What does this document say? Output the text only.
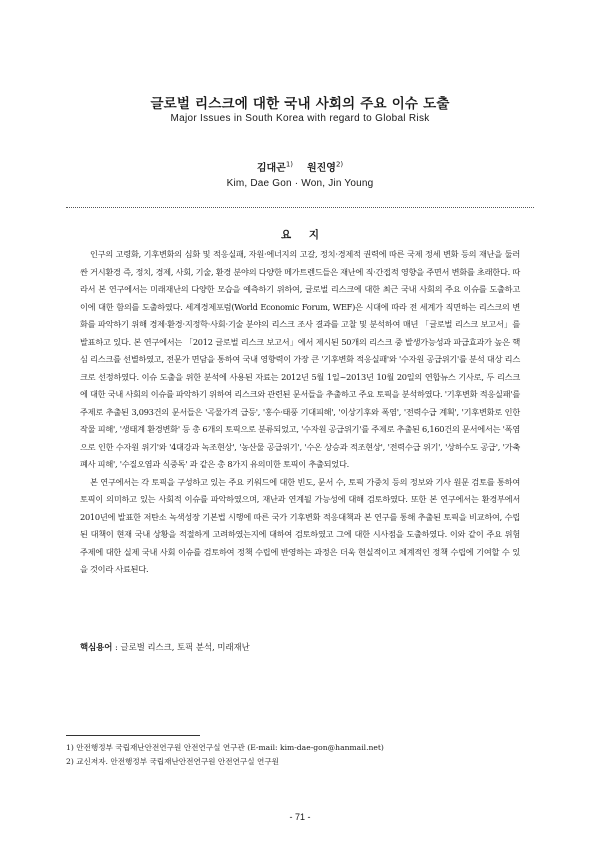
글로벌 리스크에 대한 국내 사회의 주요 이슈 도출
Major Issues in South Korea with regard to Global Risk
김대곤$^{1)}$ 원진영$^{2)}$
Kim, Dae Gon · Won, Jin Young
요 지

인구의 고령화, 기후변화의 심화 및 적응실패, 자원·에너지의 고갈, 정치·경제적 권력에 따른 국제 정세 변화 등의 재난을 둘러싼 거시환경 즉, 정치, 경제, 사회, 기술, 환경 분야의 다양한 메가트렌드들은 재난에 직·간접적 영향을 주면서 변화를 초래한다. 따라서 본 연구에서는 미래재난의 다양한 모습을 예측하기 위하여, 글로벌 리스크에 대한 최근 국내 사회의 주요 이슈를 도출하고 이에 대한 함의를 도출하였다. 세계경제포럼(World Economic Forum, WEF)은 시대에 따라 전 세계가 직면하는 리스크의 변화를 파악하기 위해 경제·환경·지정학·사회·기술 분야의 리스크 조사 결과를 고찰 및 분석하여 매년 「글로벌 리스크 보고서」를 발표하고 있다. 본 연구에서는 「2012 글로벌 리스크 보고서」에서 제시된 50개의 리스크 중 발생가능성과 파급효과가 높은 핵심 리스크를 선별하였고, 전문가 면담을 통하여 국내 영향력이 가장 큰 '기후변화 적응실패'와 '수자원 공급위기'를 분석 대상 리스크로 선정하였다. 이슈 도출을 위한 분석에 사용된 자료는 2012년 5월 1일~2013년 10월 20일의 연합뉴스 기사로, 두 리스크에 대한 국내 사회의 이슈를 파악하기 위하여 리스크와 관련된 문서들을 추출하고 주요 토픽을 분석하였다. '기후변화 적응실패'를 주제로 추출된 3,093건의 문서들은 '곡물가격 급등', '홍수·태풍 기대피해', '이상기후와 폭염', '전력수급 계획', '기후변화로 인한 작물 피해', '생태계 환경변화' 등 총 6개의 토픽으로 분류되었고, '수자원 공급위기'를 주제로 추출된 6,160건의 문서에서는 '폭염으로 인한 수자원 위기'와 '4대강과 녹조현상', '농산물 공급위기', '수온 상승과 적조현상', '전력수급 위기', '상하수도 공급', '가축폐사 피해', '수질오염과 식중독' 과 같은 총 8가지 유의미한 토픽이 추출되었다.

본 연구에서는 각 토픽을 구성하고 있는 주요 키워드에 대한 빈도, 문서 수, 토픽 가중치 등의 정보와 기사 원문 검토를 통하여 토픽이 의미하고 있는 사회적 이슈를 파악하였으며, 재난과 연계될 가능성에 대해 검토하였다. 또한 본 연구에서는 환경부에서 2010년에 발표한 저탄소 녹색성장 기본법 시행에 따른 국가 기후변화 적응대책과 본 연구를 통해 추출된 토픽을 비교하여, 수립된 대책이 현재 국내 상황을 적절하게 고려하였는지에 대하여 검토하였고 그에 대한 시사점을 도출하였다. 이와 같이 주요 위험 주제에 대한 실제 국내 사회 이슈를 검토하여 정책 수립에 반영하는 과정은 더욱 현실적이고 체계적인 정책 수립에 기여할 수 있을 것이라 사료된다.

핵심용어 : 글로벌 리스크, 토픽 분석, 미래재난
1) 안전행정부 국립재난안전연구원 안전연구실 연구관 (E-mail: kim-dae-gon@hanmail.net)
2) 교신저자. 안전행정부 국립재난안전연구원 안전연구실 연구원
- 71 -
